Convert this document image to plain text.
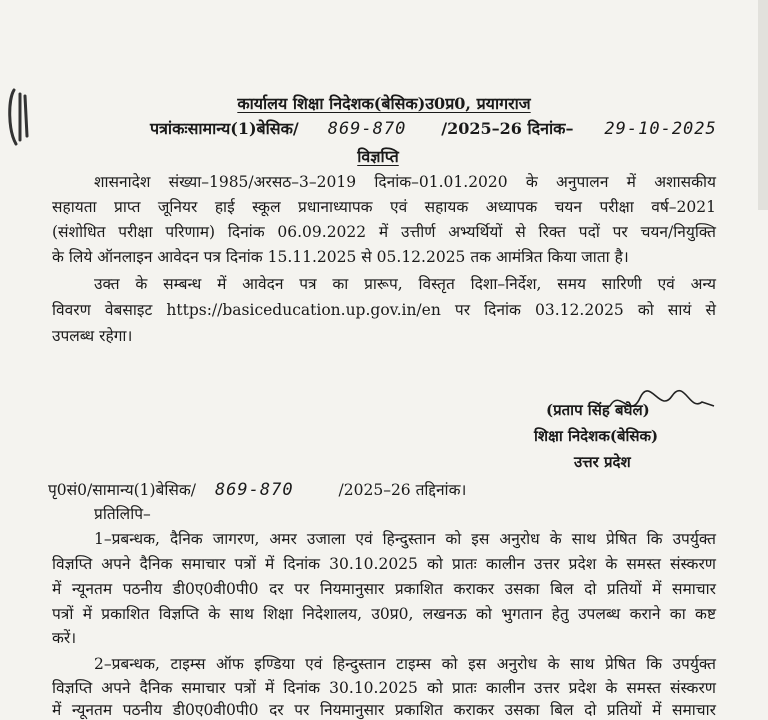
कार्यालय शिक्षा निदेशक(बेसिक)उ0प्र0, प्रयागराज
पत्रांकःसामान्य(1)बेसिक/ 869-870 /2025–26 दिनांक– 29-10-2025
विज्ञप्ति
शासनादेश संख्या–1985/अरसठ–3–2019 दिनांक–01.01.2020 के अनुपालन में अशासकीय
सहायता प्राप्त जूनियर हाई स्कूल प्रधानाध्यापक एवं सहायक अध्यापक चयन परीक्षा वर्ष–2021
(संशोधित परीक्षा परिणाम) दिनांक 06.09.2022 में उत्तीर्ण अभ्यर्थियों से रिक्त पदों पर चयन/नियुक्ति
के लिये ऑनलाइन आवेदन पत्र दिनांक 15.11.2025 से 05.12.2025 तक आमंत्रित किया जाता है।
उक्त के सम्बन्ध में आवेदन पत्र का प्रारूप, विस्तृत दिशा–निर्देश, समय सारिणी एवं अन्य
विवरण वेबसाइट https://basiceducation.up.gov.in/en पर दिनांक 03.12.2025 को सायं से
उपलब्ध रहेगा।
(प्रताप सिंह बघेल)
शिक्षा निदेशक(बेसिक)
उत्तर प्रदेश
पृ0सं0/सामान्य(1)बेसिक/ 869-870	/2025–26 तद्दिनांक।
प्रतिलिपि–
1–प्रबन्धक, दैनिक जागरण, अमर उजाला एवं हिन्दुस्तान को इस अनुरोध के साथ प्रेषित कि उपर्युक्त
विज्ञप्ति अपने दैनिक समाचार पत्रों में दिनांक 30.10.2025 को प्रातः कालीन उत्तर प्रदेश के समस्त संस्करण
में न्यूनतम पठनीय डी0ए0वी0पी0 दर पर नियमानुसार प्रकाशित कराकर उसका बिल दो प्रतियों में समाचार
पत्रों में प्रकाशित विज्ञप्ति के साथ शिक्षा निदेशालय, उ0प्र0, लखनऊ को भुगतान हेतु उपलब्ध कराने का कष्ट
करें।
2–प्रबन्धक, टाइम्स ऑफ इण्डिया एवं हिन्दुस्तान टाइम्स को इस अनुरोध के साथ प्रेषित कि उपर्युक्त
विज्ञप्ति अपने दैनिक समाचार पत्रों में दिनांक 30.10.2025 को प्रातः कालीन उत्तर प्रदेश के समस्त संस्करण
में न्यूनतम पठनीय डी0ए0वी0पी0 दर पर नियमानुसार प्रकाशित कराकर उसका बिल दो प्रतियों में समाचार
